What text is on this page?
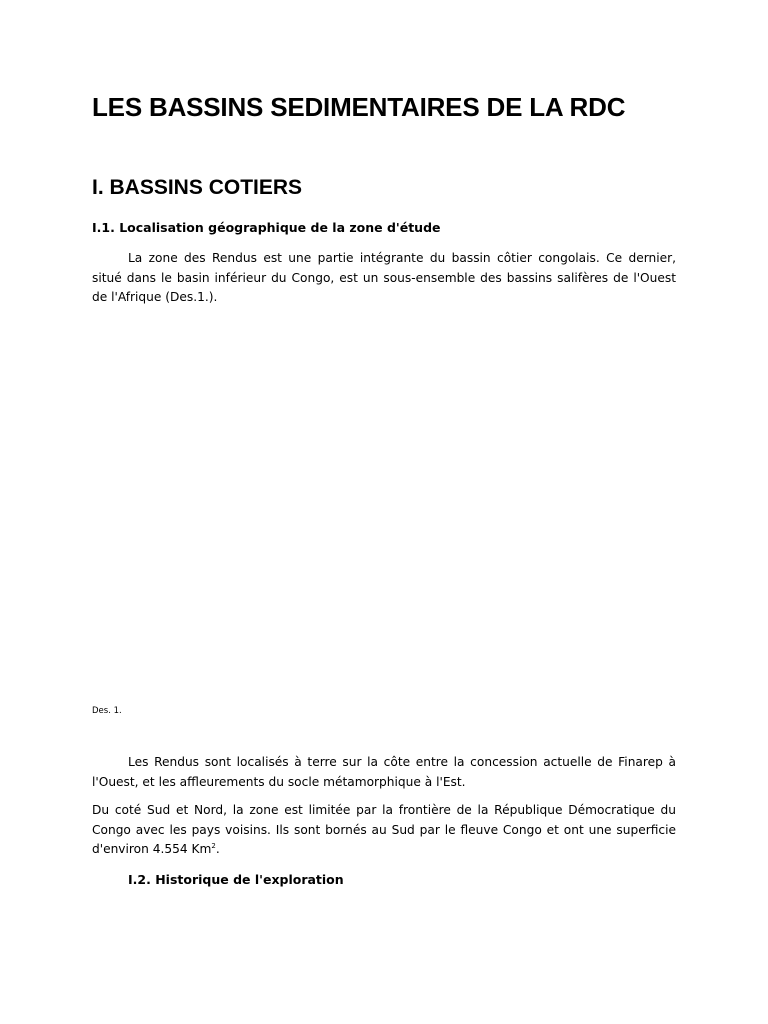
LES BASSINS SEDIMENTAIRES DE LA RDC
I. BASSINS COTIERS
I.1. Localisation géographique de la zone d'étude

La zone des Rendus est une partie intégrante du bassin côtier congolais. Ce dernier, situé dans le basin inférieur du Congo, est un sous-ensemble des bassins salifères de l'Ouest de l'Afrique (Des.1.).

Des. 1.

Les Rendus sont localisés à terre sur la côte entre la concession actuelle de Finarep à l'Ouest, et les affleurements du socle métamorphique à l'Est.

Du coté Sud et Nord, la zone est limitée par la frontière de la République Démocratique du Congo avec les pays voisins. Ils sont bornés au Sud par le fleuve Congo et ont une superficie d'environ 4.554 Km$^2$.

I.2. Historique de l'exploration
